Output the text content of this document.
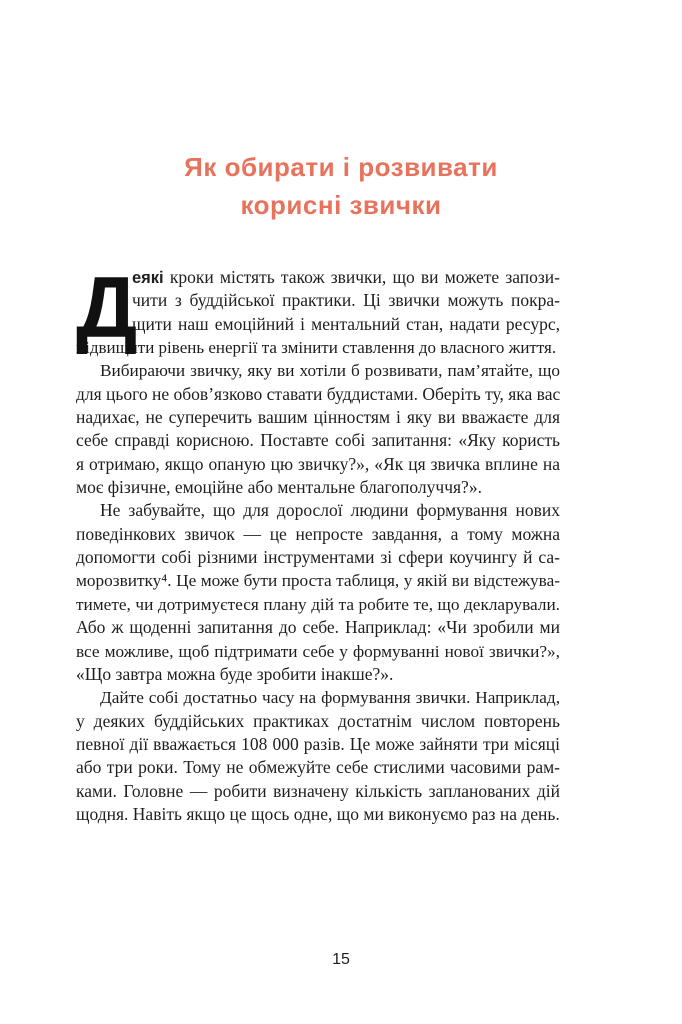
Як обирати і розвивати
корисні звички
Д
еякі кроки містять також звички, що ви можете запози-
чити з буддійської практики. Ці звички можуть покра-
щити наш емоційний і ментальний стан, надати ресурс,
підвищити рівень енергії та змінити ставлення до власного життя.
Вибираючи звичку, яку ви хотіли б розвивати, пам’ятайте, що
для цього не обов’язково ставати буддистами. Оберіть ту, яка вас
надихає, не суперечить вашим цінностям і яку ви вважаєте для
себе справді корисною. Поставте собі запитання: «Яку користь
я отримаю, якщо опаную цю звичку?», «Як ця звичка вплине на
моє фізичне, емоційне або ментальне благополуччя?».
Не забувайте, що для дорослої людини формування нових
поведінкових звичок — це непросте завдання, а тому можна
допомогти собі різними інструментами зі сфери коучингу й са-
морозвитку⁴. Це може бути проста таблиця, у якій ви відстежува-
тимете, чи дотримуєтеся плану дій та робите те, що декларували.
Або ж щоденні запитання до себе. Наприклад: «Чи зробили ми
все можливе, щоб підтримати себе у формуванні нової звички?»,
«Що завтра можна буде зробити інакше?».
Дайте собі достатньо часу на формування звички. Наприклад,
у деяких буддійських практиках достатнім числом повторень
певної дії вважається 108 000 разів. Це може зайняти три місяці
або три роки. Тому не обмежуйте себе стислими часовими рам-
ками. Головне — робити визначену кількість запланованих дій
щодня. Навіть якщо це щось одне, що ми виконуємо раз на день.
15
